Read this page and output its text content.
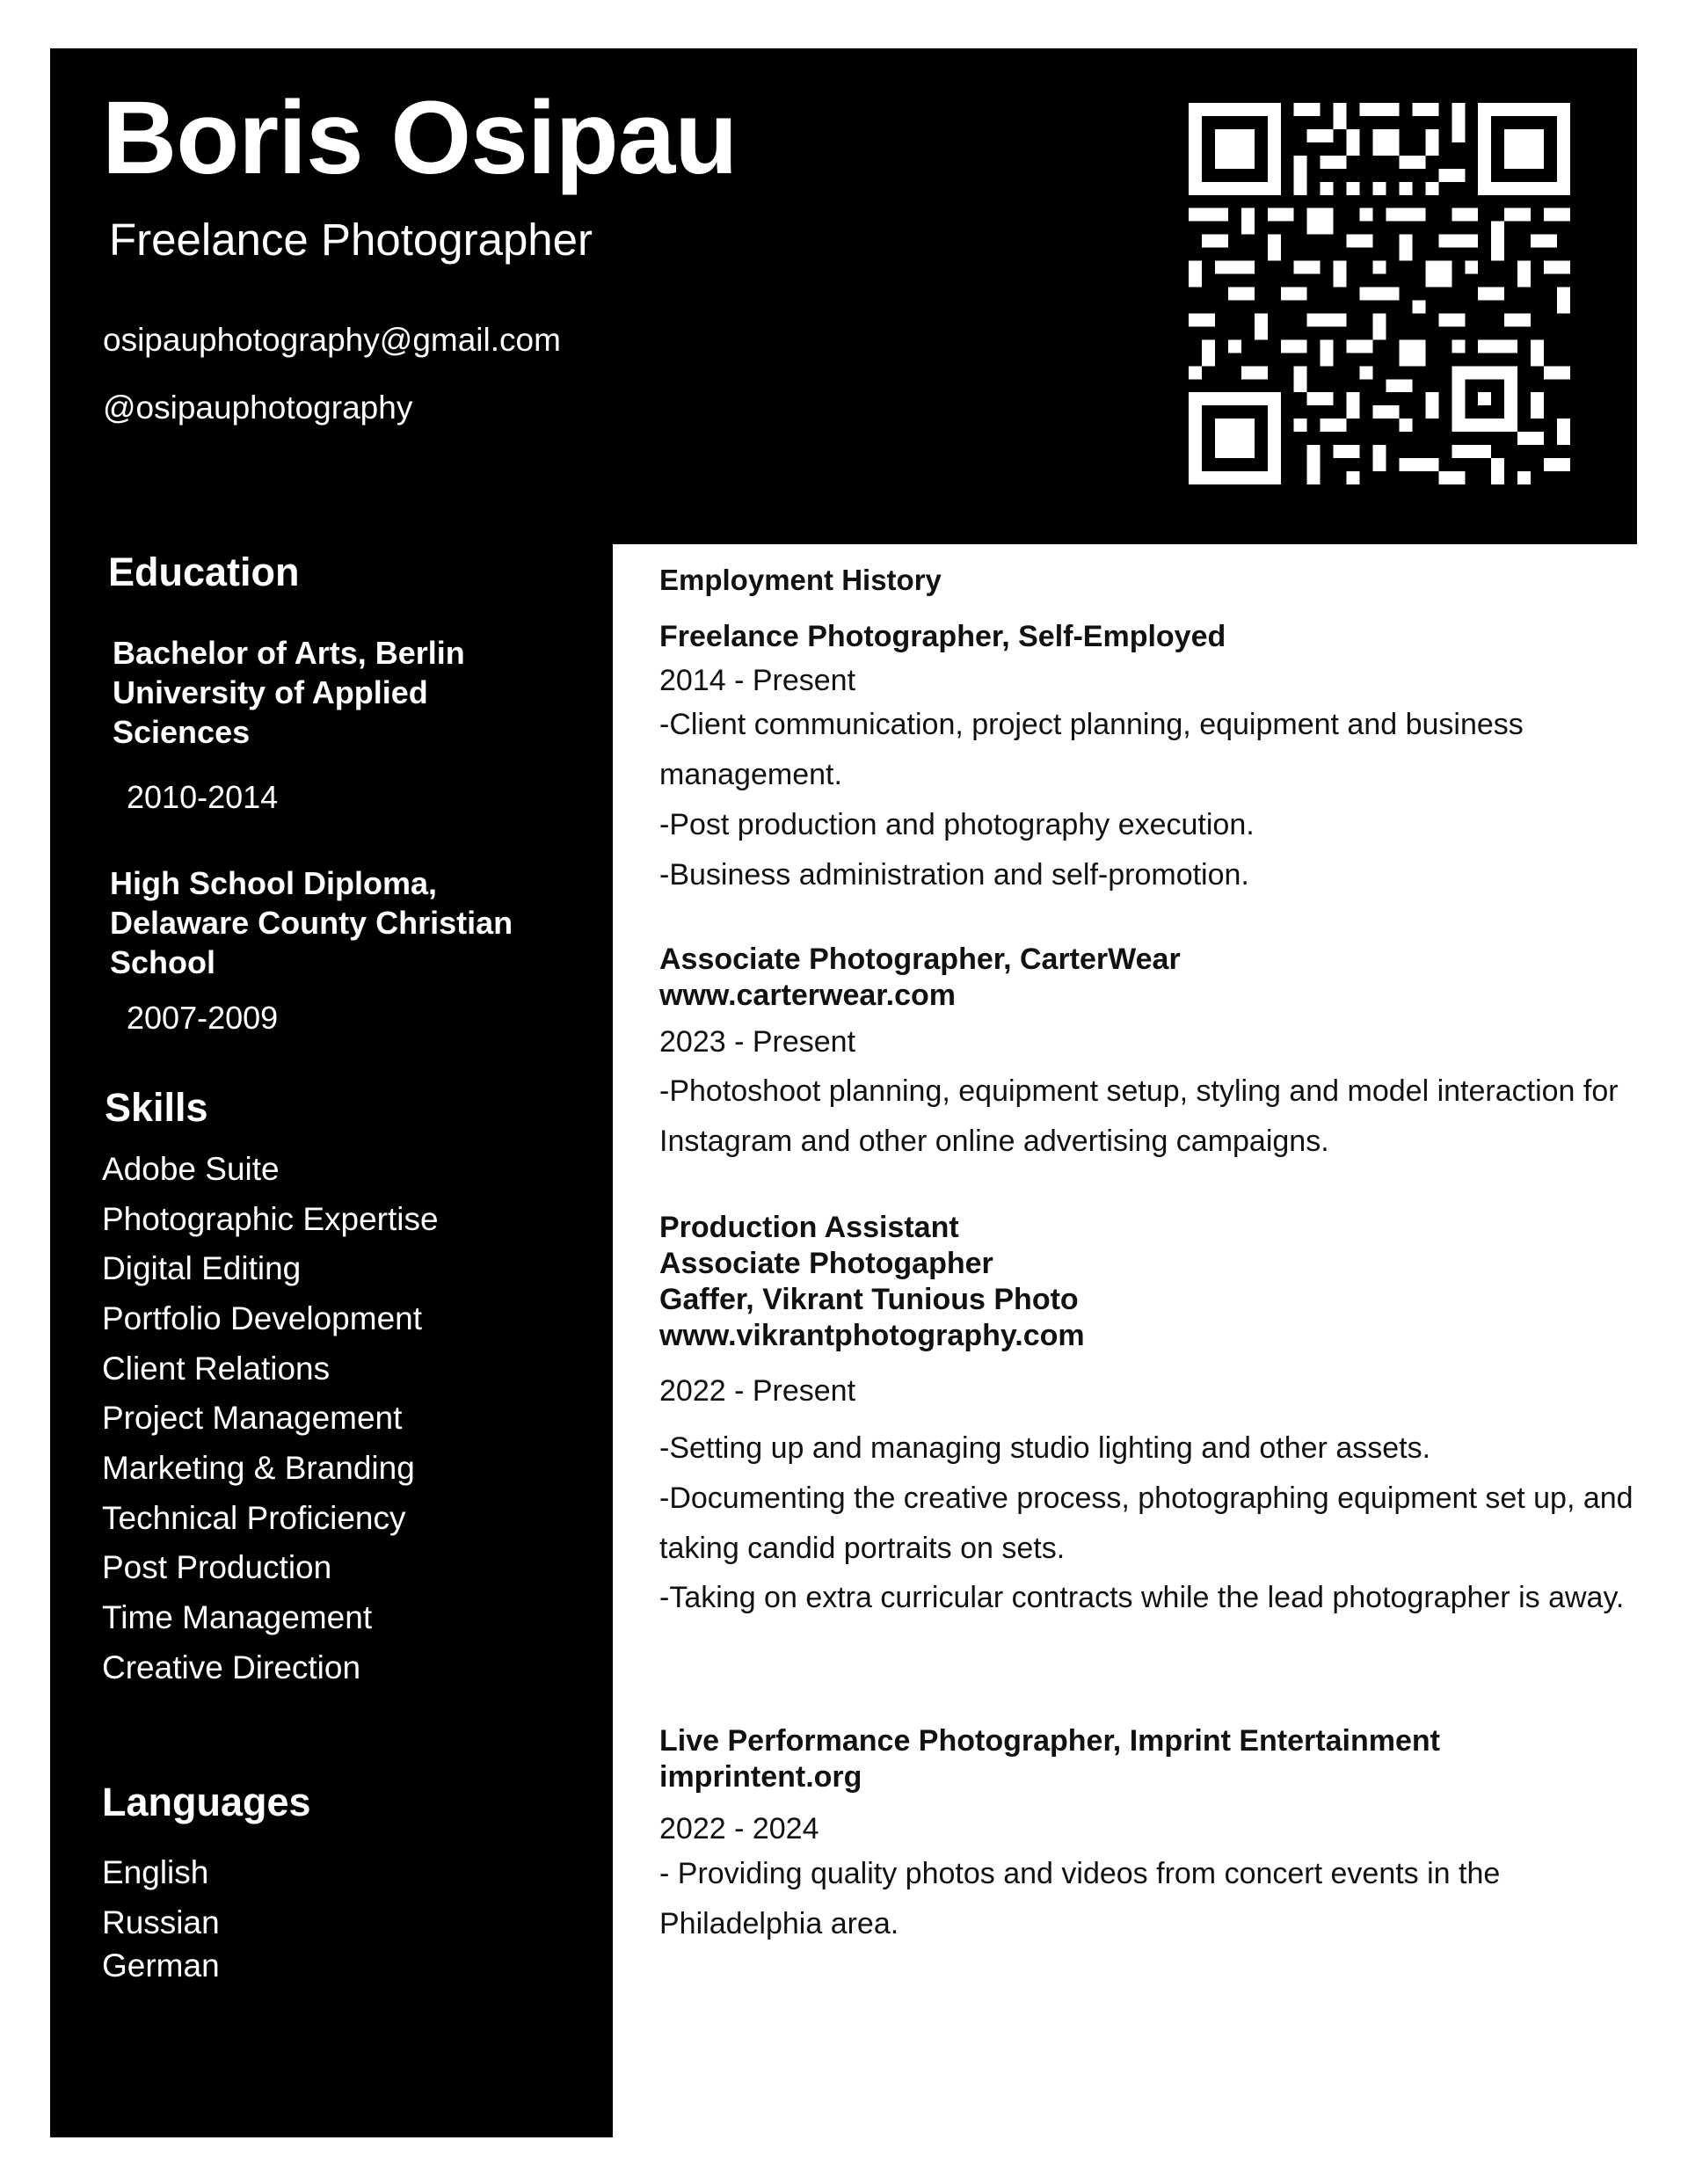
Boris Osipau
Freelance Photographer
osipauphotography@gmail.com
@osipauphotography
Education
Bachelor of Arts, Berlin University of Applied Sciences
2010-2014
High School Diploma, Delaware County Christian School
2007-2009
Skills
Adobe Suite
Photographic Expertise
Digital Editing
Portfolio Development
Client Relations
Project Management
Marketing & Branding
Technical Proficiency
Post Production
Time Management
Creative Direction
Languages
English
Russian
German
Employment History
Freelance Photographer, Self-Employed
2014 - Present
-Client communication, project planning, equipment and business management.
-Post production and photography execution.
-Business administration and self-promotion.
Associate Photographer, CarterWear
www.carterwear.com
2023 - Present
-Photoshoot planning, equipment setup, styling and model interaction for Instagram and other online advertising campaigns.
Production Assistant
Associate Photogapher
Gaffer, Vikrant Tunious Photo
www.vikrantphotography.com
2022 - Present
-Setting up and managing studio lighting and other assets.
-Documenting the creative process, photographing equipment set up, and taking candid portraits on sets.
-Taking on extra curricular contracts while the lead photographer is away.
Live Performance Photographer, Imprint Entertainment
imprintent.org
2022 - 2024
- Providing quality photos and videos from concert events in the Philadelphia area.
